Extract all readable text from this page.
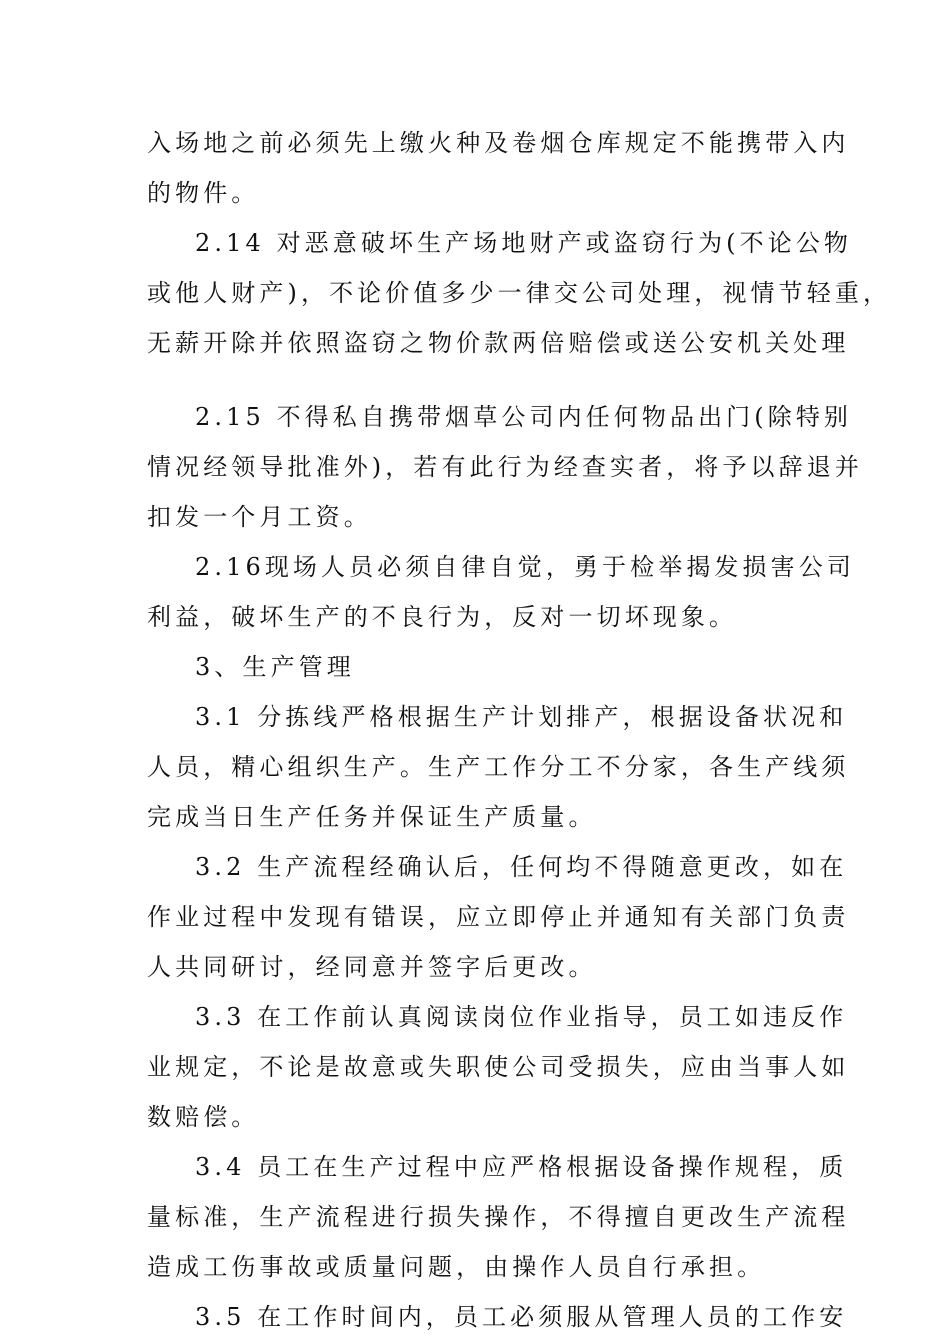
入场地之前必须先上缴火种及卷烟仓库规定不能携带入内
的物件。
2.14 对恶意破坏生产场地财产或盗窃行为(不论公物
或他人财产)，不论价值多少一律交公司处理，视情节轻重，
无薪开除并依照盗窃之物价款两倍赔偿或送公安机关处理
2.15 不得私自携带烟草公司内任何物品出门(除特别
情况经领导批准外)，若有此行为经查实者，将予以辞退并
扣发一个月工资。
2.16现场人员必须自律自觉，勇于检举揭发损害公司
利益，破坏生产的不良行为，反对一切坏现象。
3、生产管理
3.1 分拣线严格根据生产计划排产，根据设备状况和
人员，精心组织生产。生产工作分工不分家，各生产线须
完成当日生产任务并保证生产质量。
3.2 生产流程经确认后，任何均不得随意更改，如在
作业过程中发现有错误，应立即停止并通知有关部门负责
人共同研讨，经同意并签字后更改。
3.3 在工作前认真阅读岗位作业指导，员工如违反作
业规定，不论是故意或失职使公司受损失，应由当事人如
数赔偿。
3.4 员工在生产过程中应严格根据设备操作规程，质
量标准，生产流程进行损失操作，不得擅自更改生产流程
造成工伤事故或质量问题，由操作人员自行承担。
3.5 在工作时间内，员工必须服从管理人员的工作安
